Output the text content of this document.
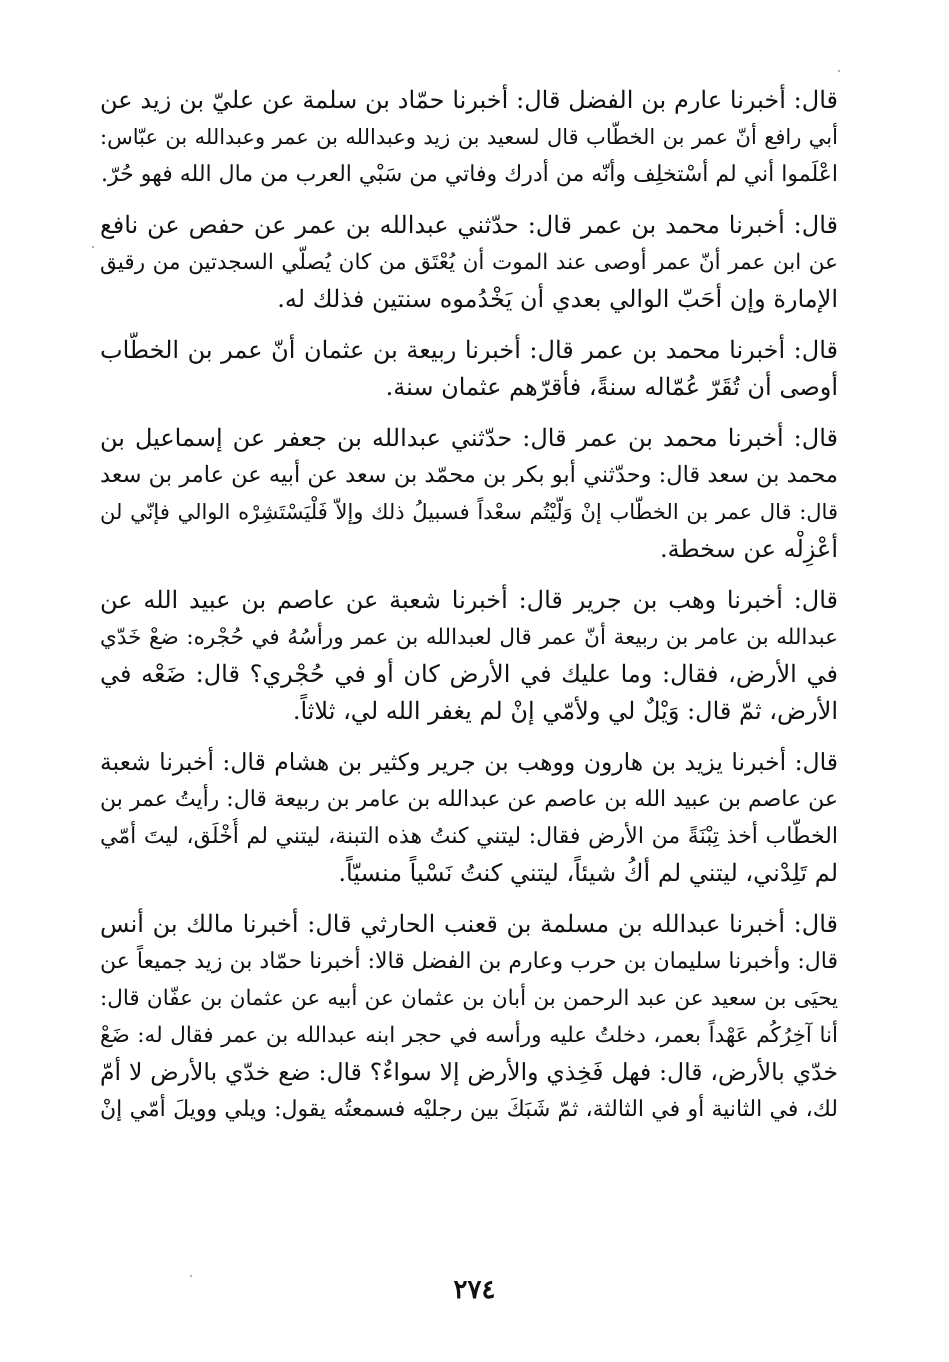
قال: أخبرنا عارم بن الفضل قال: أخبرنا حمّاد بن سلمة عن عليّ بن زيد عن
أبي رافع أنّ عمر بن الخطّاب قال لسعيد بن زيد وعبدالله بن عمر وعبدالله بن عبّاس:
اعْلَموا أني لم أسْتخلِف وأنّه من أدرك وفاتي من سَبْي العرب من مال الله فهو حُرّ.
قال: أخبرنا محمد بن عمر قال: حدّثني عبدالله بن عمر عن حفص عن نافع
عن ابن عمر أنّ عمر أوصى عند الموت أن يُعْتَق من كان يُصلّي السجدتين من رقيق
الإمارة وإن أحَبّ الوالي بعدي أن يَخْدُموه سنتين فذلك له.
قال: أخبرنا محمد بن عمر قال: أخبرنا ربيعة بن عثمان أنّ عمر بن الخطّاب
أوصى أن تُقَرّ عُمّاله سنةً، فأقرّهم عثمان سنة.
قال: أخبرنا محمد بن عمر قال: حدّثني عبدالله بن جعفر عن إسماعيل بن
محمد بن سعد قال: وحدّثني أبو بكر بن محمّد بن سعد عن أبيه عن عامر بن سعد
قال: قال عمر بن الخطّاب إنْ وَلّيْتُم سعْداً فسبيلُ ذلك وإلاّ فَلْيَسْتَشِرْه الوالي فإنّي لن
أعْزِلْه عن سخطة.
قال: أخبرنا وهب بن جرير قال: أخبرنا شعبة عن عاصم بن عبيد الله عن
عبدالله بن عامر بن ربيعة أنّ عمر قال لعبدالله بن عمر ورأسُهُ في حُجْره: ضعْ خَدّي
في الأرض، فقال: وما عليك في الأرض كان أو في حُجْري؟ قال: ضَعْه في
الأرض، ثمّ قال: وَيْلٌ لي ولأمّي إنْ لم يغفر الله لي، ثلاثاً.
قال: أخبرنا يزيد بن هارون ووهب بن جرير وكثير بن هشام قال: أخبرنا شعبة
عن عاصم بن عبيد الله بن عاصم عن عبدالله بن عامر بن ربيعة قال: رأيتُ عمر بن
الخطّاب أخذ تِبْنَةً من الأرض فقال: ليتني كنتُ هذه التبنة، ليتني لم أُخْلَق، ليتَ أمّي
لم تَلِدْني، ليتني لم أكُ شيئاً، ليتني كنتُ نَسْياً منسيّاً.
قال: أخبرنا عبدالله بن مسلمة بن قعنب الحارثي قال: أخبرنا مالك بن أنس
قال: وأخبرنا سليمان بن حرب وعارم بن الفضل قالا: أخبرنا حمّاد بن زيد جميعاً عن
يحيَى بن سعيد عن عبد الرحمن بن أبان بن عثمان عن أبيه عن عثمان بن عفّان قال:
أنا آخِرُكُم عَهْداً بعمر، دخلتُ عليه ورأسه في حجر ابنه عبدالله بن عمر فقال له: ضَعْ
خدّي بالأرض، قال: فهل فَخِذي والأرض إلا سواءٌ؟ قال: ضع خدّي بالأرض لا أمّ
لك، في الثانية أو في الثالثة، ثمّ شَبَكَ بين رجليْه فسمعتُه يقول: ويلي وويلَ أمّي إنْ
٢٧٤
